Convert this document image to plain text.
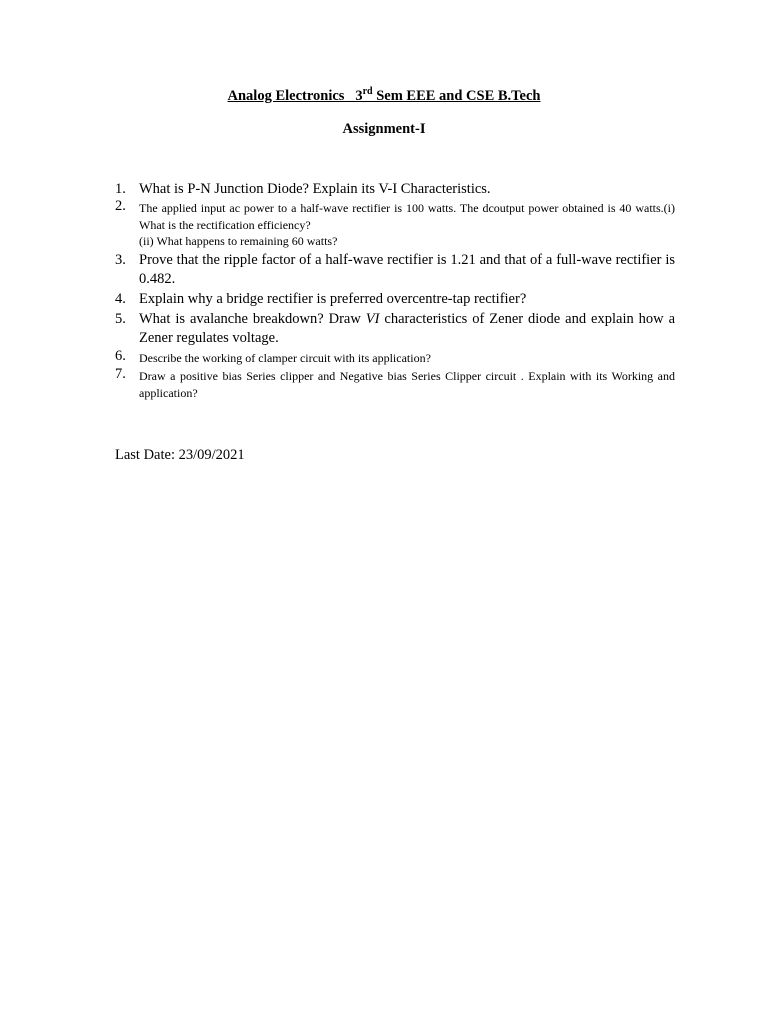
Analog Electronics _3rd Sem EEE and CSE B.Tech
Assignment-I
1. What is P-N Junction Diode? Explain its V-I Characteristics.
2. The applied input ac power to a half-wave rectifier is 100 watts. The dcoutput power obtained is 40 watts.(i) What is the rectification efficiency?
(ii) What happens to remaining 60 watts?
3. Prove that the ripple factor of a half-wave rectifier is 1.21 and that of a full-wave rectifier is 0.482.
4. Explain why a bridge rectifier is preferred overcentre-tap rectifier?
5. What is avalanche breakdown? Draw VI characteristics of Zener diode and explain how a Zener regulates voltage.
6. Describe the working of clamper circuit with its application?
7. Draw a positive bias Series clipper and Negative bias Series Clipper circuit . Explain with its Working and application?
Last Date: 23/09/2021
